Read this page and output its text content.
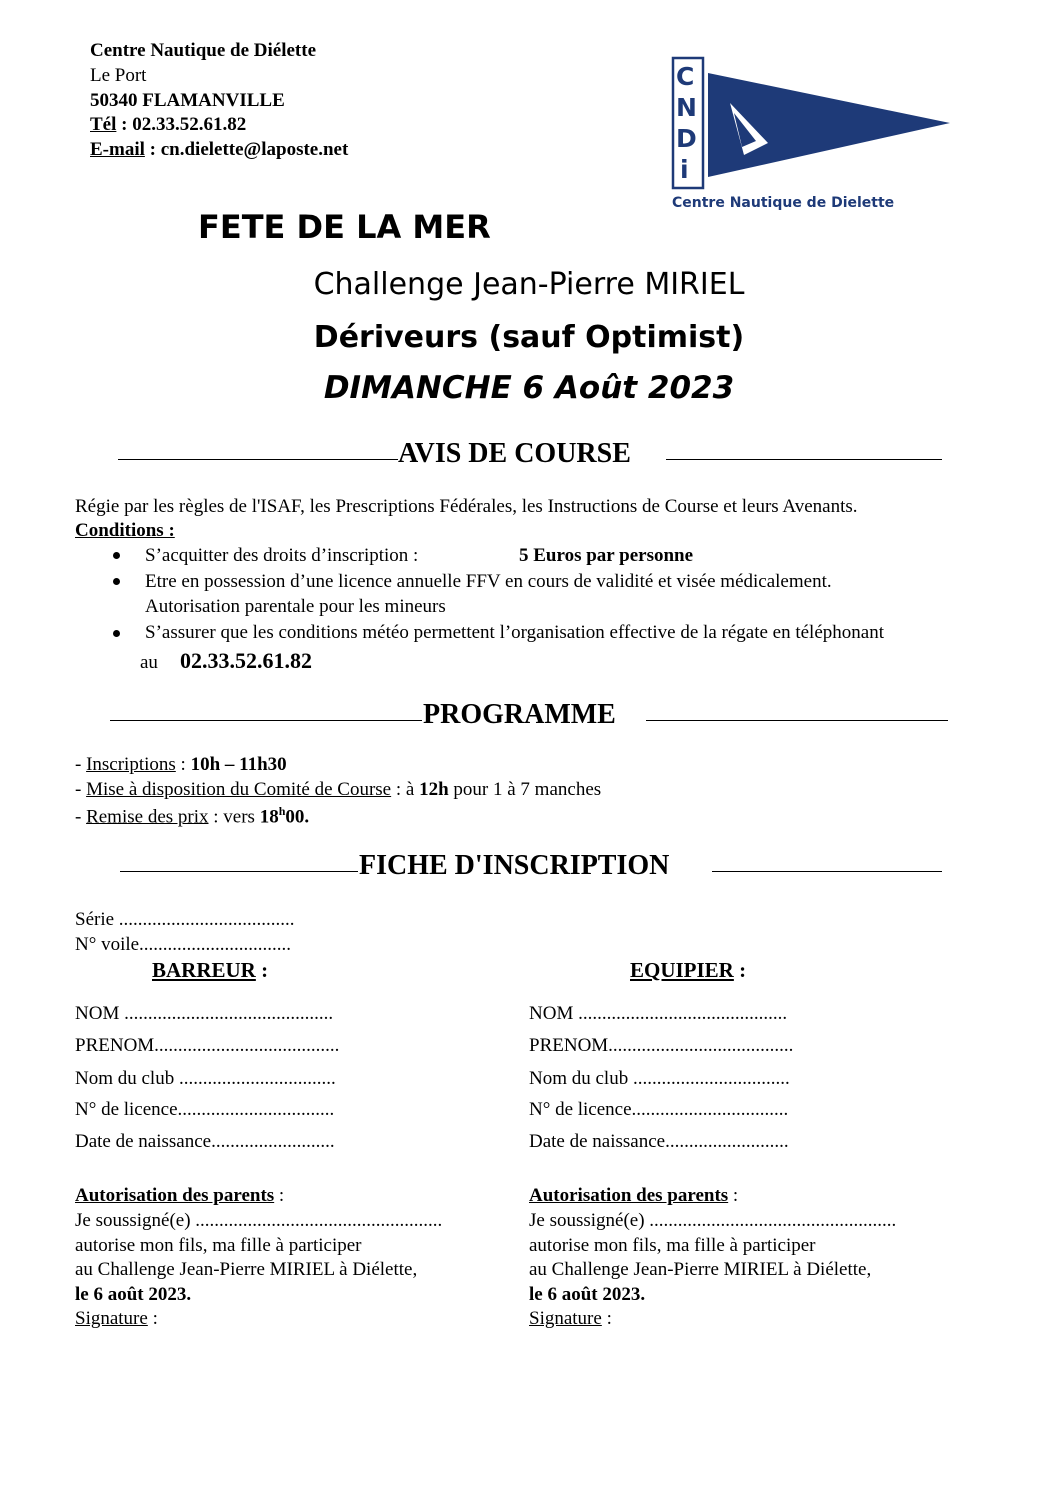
Centre Nautique de Diélette
Le Port
50340 FLAMANVILLE
Tél : 02.33.52.61.82
E-mail : cn.dielette@laposte.net
C
N
D
i
Centre Nautique de Dielette
FETE DE LA MER
Challenge Jean-Pierre MIRIEL
Dériveurs (sauf Optimist)
DIMANCHE 6 Août 2023
AVIS DE COURSE
Régie par les règles de l'ISAF, les Prescriptions Fédérales, les Instructions de Course et leurs Avenants.
Conditions :
S’acquitter des droits d’inscription :	5 Euros par personne
Etre en possession d’une licence annuelle FFV en cours de validité et visée médicalement.
Autorisation parentale pour les mineurs
S’assurer que les conditions météo permettent l’organisation effective de la régate en téléphonant
au 02.33.52.61.82
PROGRAMME
- Inscriptions : 10h – 11h30
- Mise à disposition du Comité de Course : à 12h pour 1 à 7 manches
- Remise des prix : vers 18$^h$00.
FICHE D'INSCRIPTION
Série .....................................
N° voile................................
BARREUR :	EQUIPIER :
NOM ............................................
PRENOM.......................................
Nom du club .................................
N° de licence.................................
Date de naissance..........................
NOM ............................................
PRENOM.......................................
Nom du club .................................
N° de licence.................................
Date de naissance..........................
Autorisation des parents :
Je soussigné(e) ....................................................
autorise mon fils, ma fille à participer
au Challenge Jean-Pierre MIRIEL à Diélette,
le 6 août 2023.
Signature :
Autorisation des parents :
Je soussigné(e) ....................................................
autorise mon fils, ma fille à participer
au Challenge Jean-Pierre MIRIEL à Diélette,
le 6 août 2023.
Signature :
